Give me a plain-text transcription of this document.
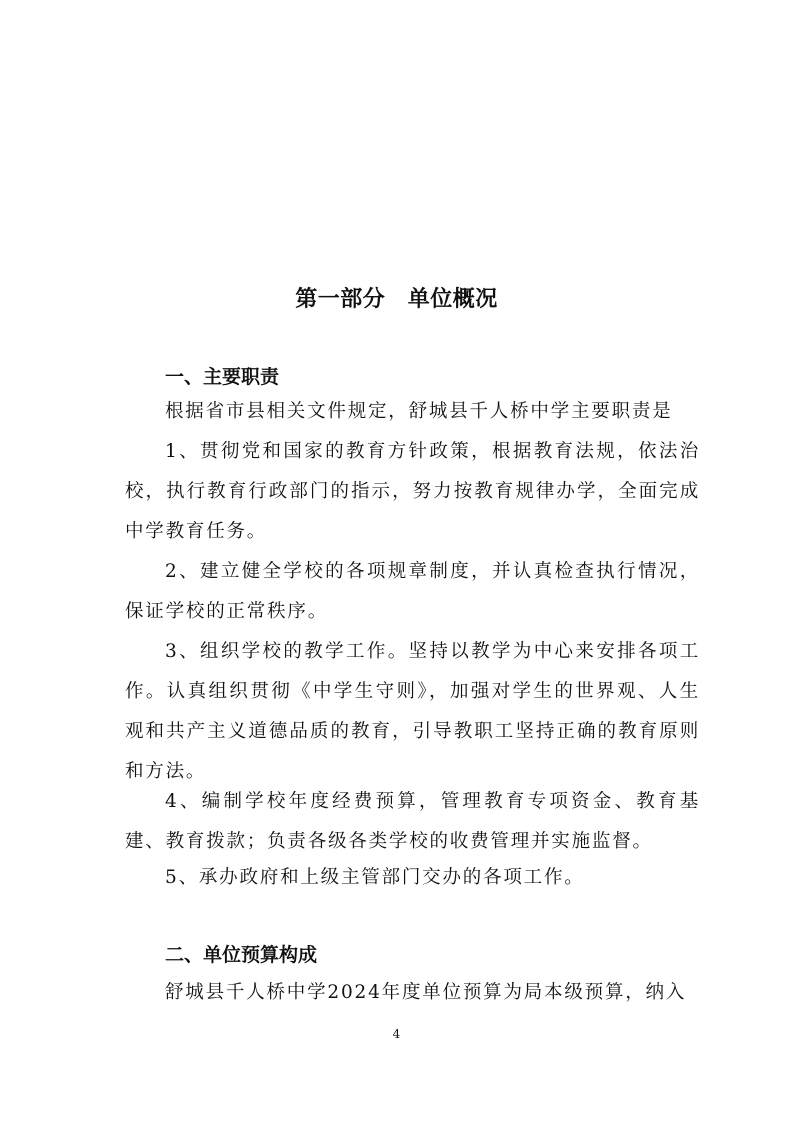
第一部分　单位概况
一、主要职责

根据省市县相关文件规定，舒城县千人桥中学主要职责是

1、贯彻党和国家的教育方针政策，根据教育法规，依法治校，执行教育行政部门的指示，努力按教育规律办学，全面完成中学教育任务。

2、建立健全学校的各项规章制度，并认真检查执行情况，保证学校的正常秩序。

3、组织学校的教学工作。坚持以教学为中心来安排各项工作。认真组织贯彻《中学生守则》，加强对学生的世界观、人生观和共产主义道德品质的教育，引导教职工坚持正确的教育原则和方法。

4、编制学校年度经费预算，管理教育专项资金、教育基建、教育拨款；负责各级各类学校的收费管理并实施监督。

5、承办政府和上级主管部门交办的各项工作。

二、单位预算构成

舒城县千人桥中学2024年度单位预算为局本级预算，纳入

4
